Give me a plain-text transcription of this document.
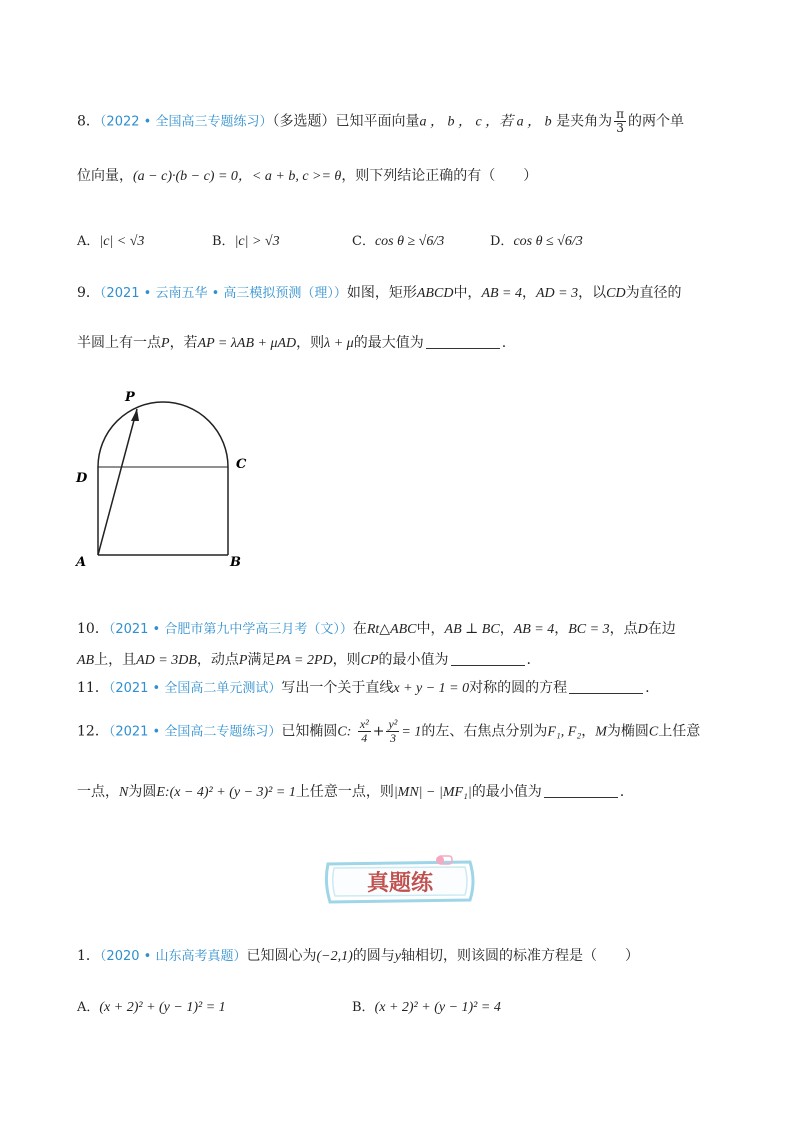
8．（2022 • 全国高三专题练习）（多选题）已知平面向量a ， b ， c ，若 a ， b 是夹角为 $\frac{\pi}{3}$ 的两个单
位向量，(a − c)·(b − c) = 0，< a + b, c >= θ，则下列结论正确的有（　　）
A．|c| < √3	B．|c| > √3	C．cos θ ≥ √6/3	D．cos θ ≤ √6/3
9．（2021 • 云南五华 • 高三模拟预测（理））如图，矩形ABCD中，AB = 4，AD = 3，以CD为直径的
半圆上有一点P，若AP = λAB + μAD，则λ + μ的最大值为	.
P
D
C
A	B
10．（2021 • 合肥市第九中学高三月考（文））在Rt△ABC中，AB ⊥ BC，AB = 4，BC = 3，点D在边
AB上，且AD = 3DB，动点P满足PA = 2PD，则CP的最小值为	.
11．（2021 • 全国高二单元测试）写出一个关于直线x + y − 1 = 0对称的圆的方程	.
12．（2021 • 全国高二专题练习）已知椭圆C: $\frac{\text{x²}}{4} + \frac{\text{y²}}{3} = 1$的左、右焦点分别为F₁, F₂，M为椭圆C上任意
一点，N为圆E:(x − 4)² + (y − 3)² = 1上任意一点，则|MN| − |MF₁|的最小值为	.
真题练
1．（2020 • 山东高考真题）已知圆心为(−2,1)的圆与y轴相切，则该圆的标准方程是（　　）
A．(x + 2)² + (y − 1)² = 1	B．(x + 2)² + (y − 1)² = 4
